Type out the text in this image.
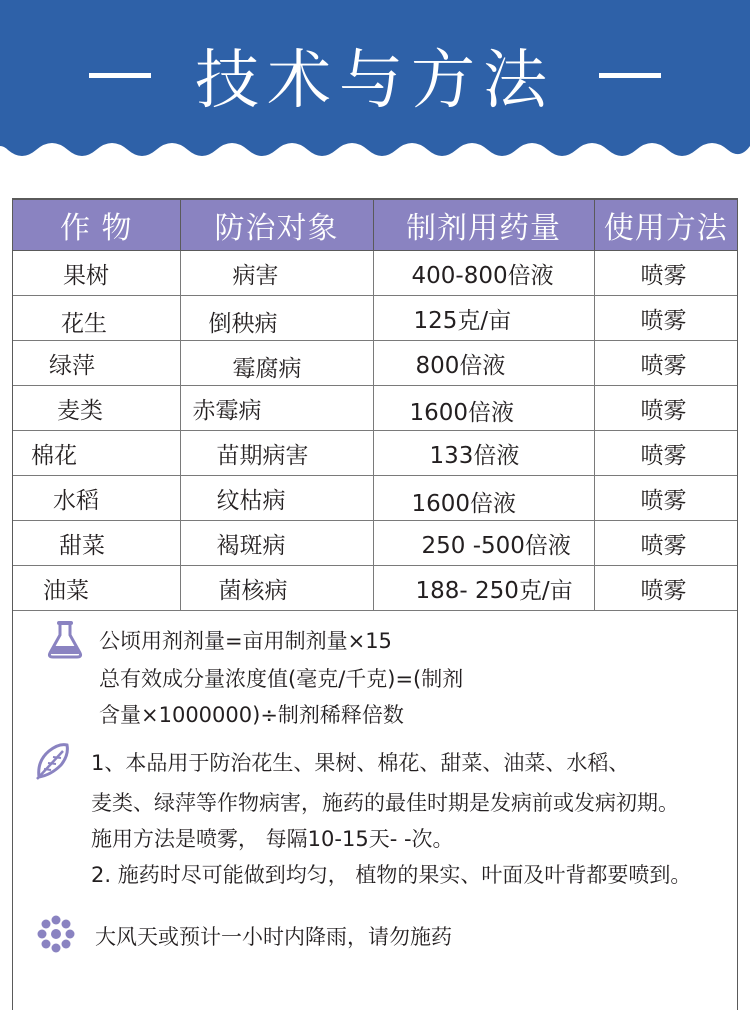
技术与方法
作 物	防治对象	制剂用药量	使用方法

果树	病害	400-800倍液	喷雾

花生	倒秧病	125克/亩	喷雾

绿萍	霉腐病	800倍液	喷雾

麦类	赤霉病	1600倍液	喷雾

棉花	苗期病害	133倍液	喷雾

水稻	纹枯病	1600倍液	喷雾

甜菜	褐斑病	250 -500倍液	喷雾

油菜	菌核病	188- 250克/亩	喷雾
公顷用剂剂量=亩用制剂量×15
总有效成分量浓度值(毫克/千克)=(制剂
含量×1000000)÷制剂稀释倍数
1、本品用于防治花生、果树、棉花、甜菜、油菜、水稻、
麦类、绿萍等作物病害，施药的最佳时期是发病前或发病初期。
施用方法是喷雾， 每隔10-15天- -次。
2. 施药时尽可能做到均匀， 植物的果实、叶面及叶背都要喷到。
大风天或预计一小时内降雨，请勿施药
